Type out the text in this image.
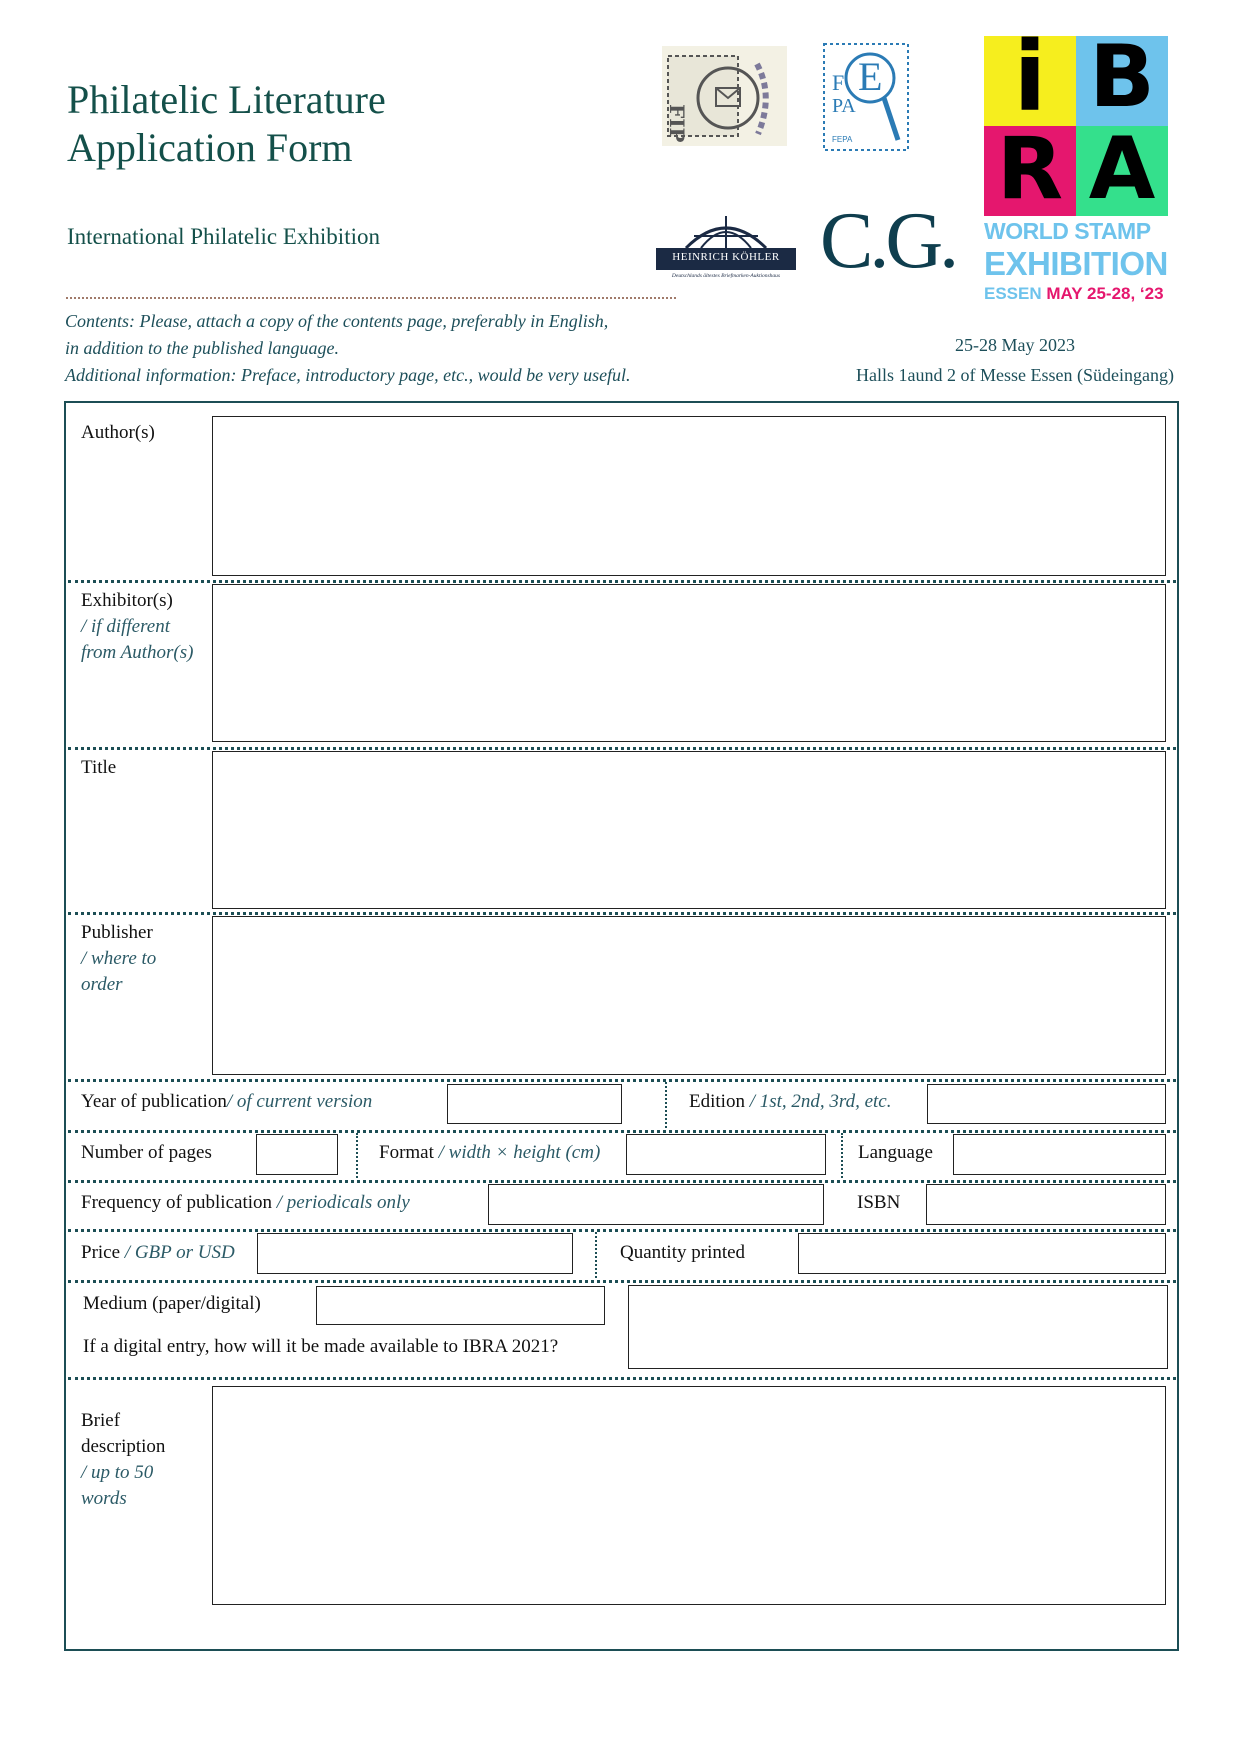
Philatelic Literature
Application Form
International Philatelic Exhibition
Contents: Please, attach a copy of the contents page, preferably in English,
in addition to the published language.
Additional information: Preface, introductory page, etc., would be very useful.
25-28 May 2023
Halls 1aund 2 of Messe Essen (Südeingang)
FIP
F E
PA
FEPA
HEINRICH KÖHLER
Deutschlands ältestes Briefmarken-Auktionshaus C.G.
i B
R A
WORLD STAMP
EXHIBITION
ESSEN MAY 25-28, ‘23
Author(s)
Exhibitor(s)
/ if different
from Author(s)
Title
Publisher
/ where to
order
Year of publication/ of current version	Edition / 1st, 2nd, 3rd, etc.
Number of pages	Format / width × height (cm)	Language
Frequency of publication / periodicals only	ISBN
Price / GBP or USD	Quantity printed
Medium (paper/digital)
If a digital entry, how will it be made available to IBRA 2021?
Brief
description
/ up to 50
words
